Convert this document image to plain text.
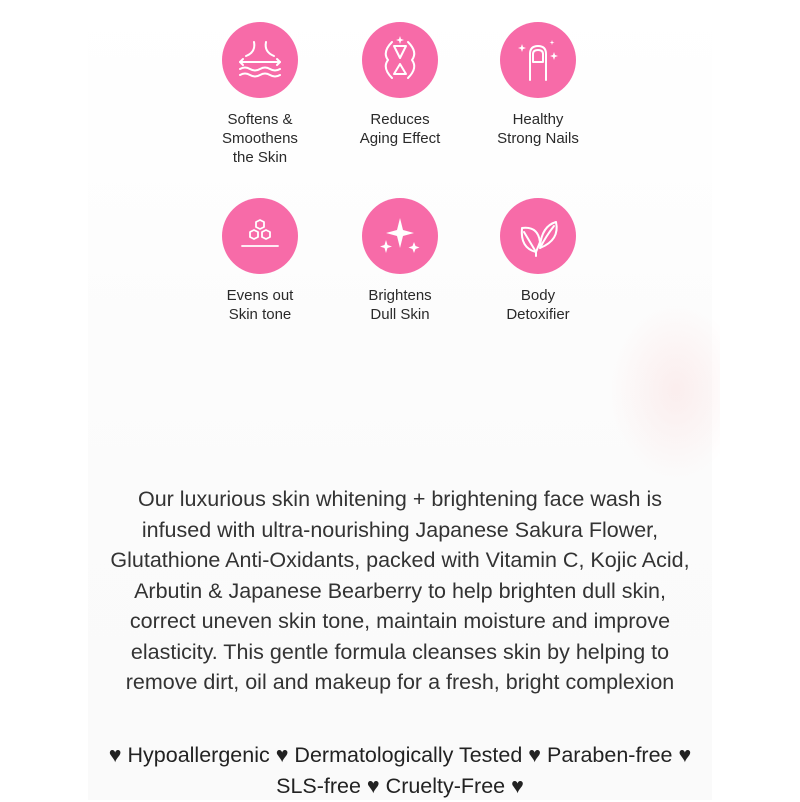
Softens &
Smoothens
the Skin
Reduces
Aging Effect
Healthy
Strong Nails
Evens out
Skin tone
Brightens
Dull Skin
Body
Detoxifier
Our luxurious skin whitening + brightening face wash is infused with ultra-nourishing Japanese Sakura Flower, Glutathione Anti-Oxidants, packed with Vitamin C, Kojic Acid, Arbutin & Japanese Bearberry to help brighten dull skin, correct uneven skin tone, maintain moisture and improve elasticity. This gentle formula cleanses skin by helping to remove dirt, oil and makeup for a fresh, bright complexion
♥ Hypoallergenic ♥ Dermatologically Tested ♥ Paraben-free ♥ SLS-free ♥ Cruelty-Free ♥
